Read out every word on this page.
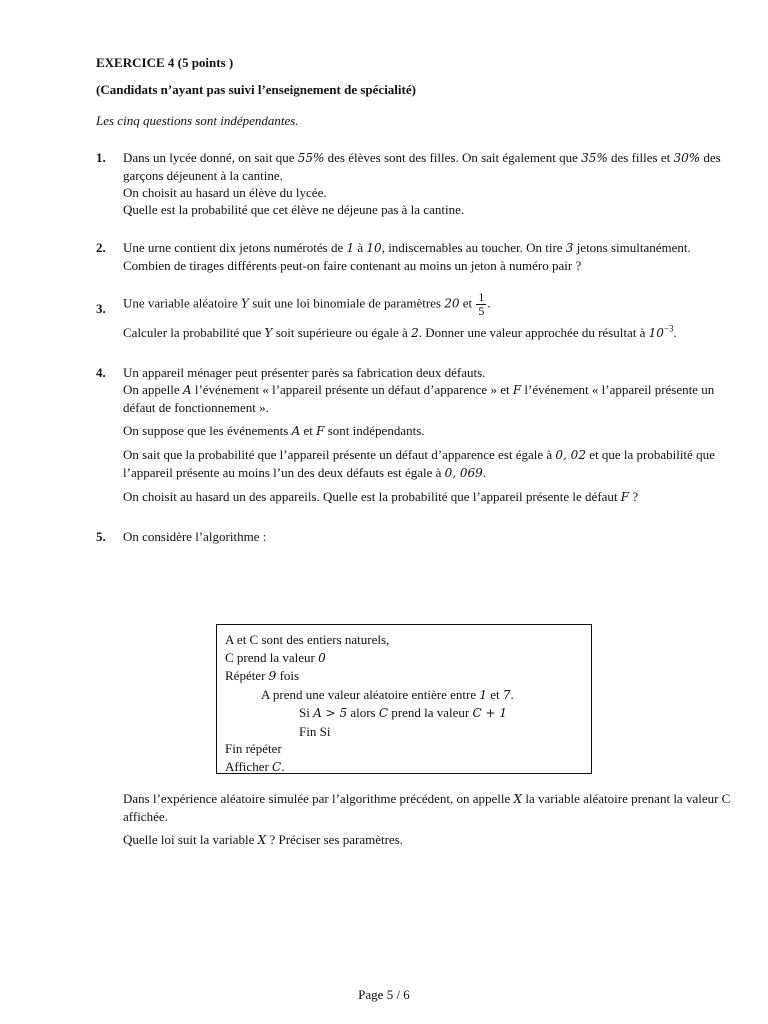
EXERCICE 4 (5 points )
(Candidats n’ayant pas suivi l’enseignement de spécialité)
Les cinq questions sont indépendantes.
1. Dans un lycée donné, on sait que 55% des élèves sont des filles. On sait également que 35% des filles et 30% des garçons déjeunent à la cantine.
On choisit au hasard un élève du lycée.
Quelle est la probabilité que cet élève ne déjeune pas à la cantine.

2. Une urne contient dix jetons numérotés de 1 à 10, indiscernables au toucher. On tire 3 jetons simultanément.
Combien de tirages différents peut-on faire contenant au moins un jeton à numéro pair ?

3. Une variable aléatoire Y suit une loi binomiale de paramètres 20 et $\frac{1}{5}$ .

Calculer la probabilité que Y soit supérieure ou égale à 2. Donner une valeur approchée du résultat à $10^{-3}$.

4. Un appareil ménager peut présenter parès sa fabrication deux défauts.
On appelle A l’événement « l’appareil présente un défaut d’apparence » et F l’événement « l’appareil présente un défaut de fonctionnement ».

On suppose que les événements A et F sont indépendants.

On sait que la probabilité que l’appareil présente un défaut d’apparence est égale à 0, 02 et que la probabilité que l’appareil présente au moins l’un des deux défauts est égale à 0, 069.

On choisit au hasard un des appareils. Quelle est la probabilité que l’appareil présente le défaut F ?

5. On considère l’algorithme :

Dans l’expérience aléatoire simulée par l’algorithme précédent, on appelle X la variable aléatoire prenant la valeur C affichée.

Quelle loi suit la variable X ? Préciser ses paramètres.

A et C sont des entiers naturels,
C prend la valeur 0
Répéter 9 fois
A prend une valeur aléatoire entière entre 1 et 7.
Si A > 5 alors C prend la valeur C + 1
Fin Si
Fin répéter
Afficher C.
Page 5 / 6
